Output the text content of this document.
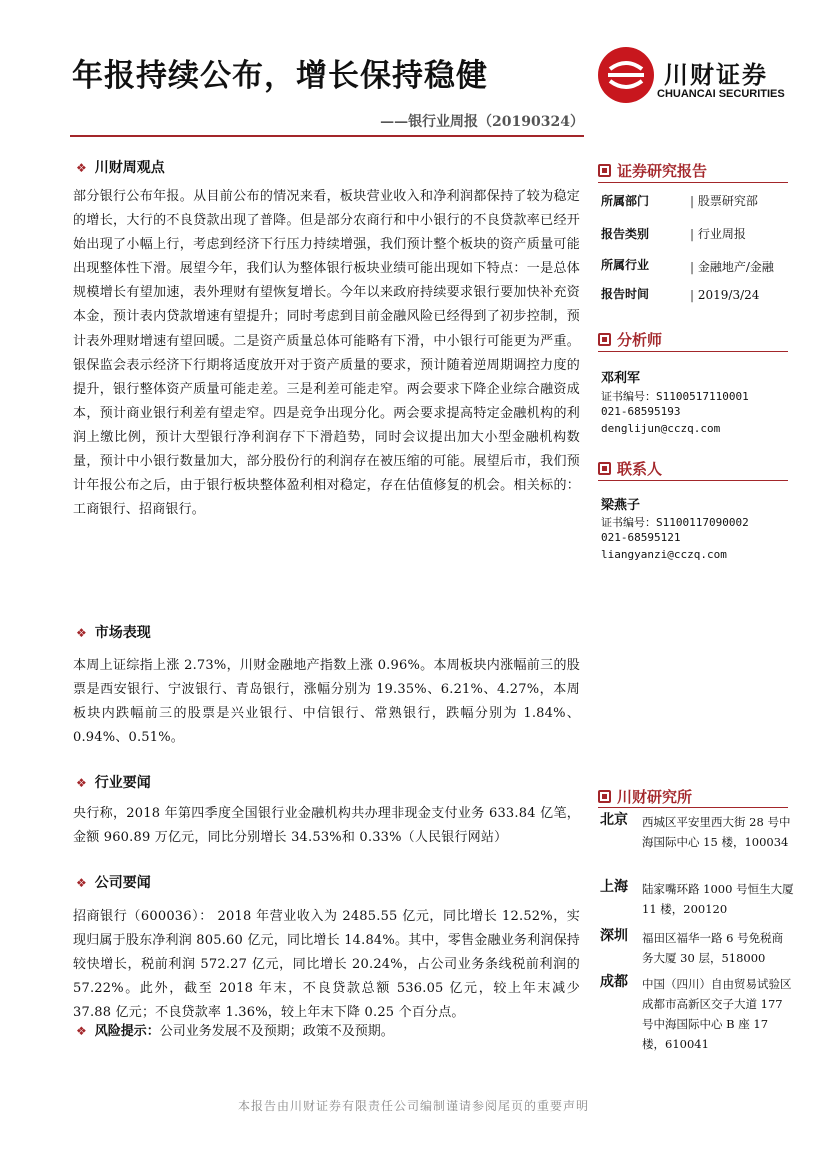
年报持续公布，增长保持稳健
——银行业周报（20190324）
川财证券
CHUANCAI SECURITIES
❖ 川财周观点
部分银行公布年报。从目前公布的情况来看，板块营业收入和净利润都保持了较为稳定的增长，大行的不良贷款出现了普降。但是部分农商行和中小银行的不良贷款率已经开始出现了小幅上行，考虑到经济下行压力持续增强，我们预计整个板块的资产质量可能出现整体性下滑。展望今年，我们认为整体银行板块业绩可能出现如下特点：一是总体规模增长有望加速，表外理财有望恢复增长。今年以来政府持续要求银行要加快补充资本金，预计表内贷款增速有望提升；同时考虑到目前金融风险已经得到了初步控制，预计表外理财增速有望回暖。二是资产质量总体可能略有下滑，中小银行可能更为严重。银保监会表示经济下行期将适度放开对于资产质量的要求，预计随着逆周期调控力度的提升，银行整体资产质量可能走差。三是利差可能走窄。两会要求下降企业综合融资成本，预计商业银行利差有望走窄。四是竞争出现分化。两会要求提高特定金融机构的利润上缴比例，预计大型银行净利润存下下滑趋势，同时会议提出加大小型金融机构数量，预计中小银行数量加大，部分股份行的利润存在被压缩的可能。展望后市，我们预计年报公布之后，由于银行板块整体盈利相对稳定，存在估值修复的机会。相关标的：工商银行、招商银行。
❖ 市场表现
本周上证综指上涨 2.73%，川财金融地产指数上涨 0.96%。本周板块内涨幅前三的股票是西安银行、宁波银行、青岛银行，涨幅分别为 19.35%、6.21%、4.27%，本周板块内跌幅前三的股票是兴业银行、中信银行、常熟银行，跌幅分别为 1.84%、0.94%、0.51%。
❖ 行业要闻
央行称，2018 年第四季度全国银行业金融机构共办理非现金支付业务 633.84 亿笔，金额 960.89 万亿元，同比分别增长 34.53%和 0.33%（人民银行网站）
❖ 公司要闻
招商银行（600036）： 2018 年营业收入为 2485.55 亿元，同比增长 12.52%，实现归属于股东净利润 805.60 亿元，同比增长 14.84%。其中，零售金融业务利润保持较快增长，税前利润 572.27 亿元，同比增长 20.24%，占公司业务条线税前利润的 57.22%。此外，截至 2018 年末，不良贷款总额 536.05 亿元，较上年末减少 37.88 亿元；不良贷款率 1.36%，较上年末下降 0.25 个百分点。
❖ 风险提示：公司业务发展不及预期；政策不及预期。
证券研究报告
所属部门	| 股票研究部
报告类别	| 行业周报
所属行业	| 金融地产/金融
报告时间	| 2019/3/24
分析师
邓利军
证书编号：S1100517110001
021-68595193
denglijun@cczq.com
联系人
梁燕子
证书编号：S1100117090002
021-68595121
liangyanzi@cczq.com
川财研究所
北京 西城区平安里西大街 28 号中海国际中心 15 楼，100034
上海 陆家嘴环路 1000 号恒生大厦 11 楼，200120
深圳 福田区福华一路 6 号免税商务大厦 30 层，518000
成都 中国（四川）自由贸易试验区成都市高新区交子大道 177 号中海国际中心 B 座 17 楼，610041
本报告由川财证券有限责任公司编制谨请参阅尾页的重要声明
